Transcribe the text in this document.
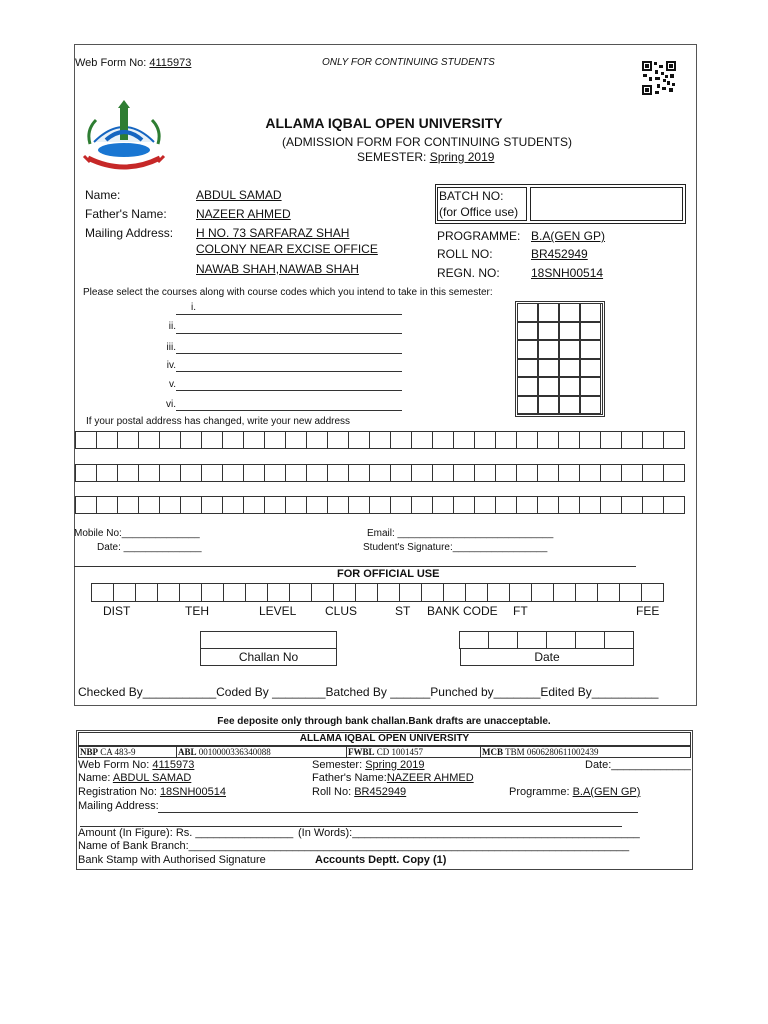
Web Form No: 4115973	ONLY FOR CONTINUING STUDENTS
ALLAMA IQBAL OPEN UNIVERSITY
(ADMISSION FORM FOR CONTINUING STUDENTS)
SEMESTER: Spring 2019
Name:	ABDUL SAMAD
Father's Name: NAZEER AHMED
Mailing Address: H NO. 73 SARFARAZ SHAH
COLONY NEAR EXCISE OFFICE
NAWAB SHAH,NAWAB SHAH
BATCH NO:
(for Office use)
PROGRAMME: B.A(GEN GP)
ROLL NO:	BR452949
REGN. NO:	18SNH00514
Please select the courses along with course codes which you intend to take in this semester:
i.
ii.
iii.
iv.
v.
vi.
If your postal address has changed, write your new address
Mobile No:______________
Date: ______________
Email: ____________________________
Student's Signature:_________________
FOR OFFICIAL USE
DIST	TEH	LEVEL CLUS	ST BANK CODE FT	FEE
Challan No	Date
Checked By___________Coded By ________Batched By ______Punched by_______Edited By__________
Fee deposite only through bank challan.Bank drafts are unacceptable.
ALLAMA IQBAL OPEN UNIVERSITY
NBP CA 483-9	ABL 0010000336340088	FWBL CD 1001457	MCB TBM 0606280611002439
Web Form No: 4115973	Semester: Spring 2019	Date:_____________
Name: ABDUL SAMAD	Father's Name:NAZEER AHMED
Registration No: 18SNH00514	Roll No: BR452949	Programme: B.A(GEN GP)
Mailing Address:
Amount (In Figure): Rs. ________________ (In Words):_______________________________________________
Name of Bank Branch:________________________________________________________________________
Bank Stamp with Authorised Signature	Accounts Deptt. Copy (1)
